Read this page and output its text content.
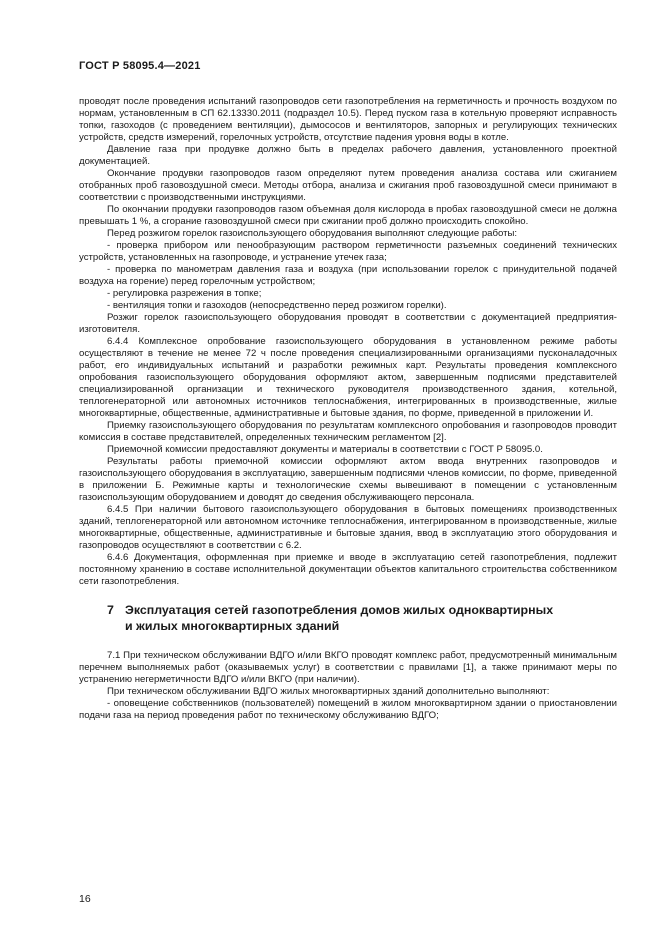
ГОСТ Р 58095.4—2021

проводят после проведения испытаний газопроводов сети газопотребления на герметичность и прочность воздухом по нормам, установленным в СП 62.13330.2011 (подраздел 10.5). Перед пуском газа в котельную проверяют исправность топки, газоходов (с проведением вентиляции), дымососов и вентиляторов, запорных и регулирующих технических устройств, средств измерений, горелочных устройств, отсутствие падения уровня воды в котле.

Давление газа при продувке должно быть в пределах рабочего давления, установленного проектной документацией.

Окончание продувки газопроводов газом определяют путем проведения анализа состава или сжиганием отобранных проб газовоздушной смеси. Методы отбора, анализа и сжигания проб газовоздушной смеси принимают в соответствии с производственными инструкциями.

По окончании продувки газопроводов газом объемная доля кислорода в пробах газовоздушной смеси не должна превышать 1 %, а сгорание газовоздушной смеси при сжигании проб должно происходить спокойно.

Перед розжигом горелок газоиспользующего оборудования выполняют следующие работы:

- проверка прибором или пенообразующим раствором герметичности разъемных соединений технических устройств, установленных на газопроводе, и устранение утечек газа;

- проверка по манометрам давления газа и воздуха (при использовании горелок с принудительной подачей воздуха на горение) перед горелочным устройством;

- регулировка разрежения в топке;

- вентиляция топки и газоходов (непосредственно перед розжигом горелки).

Розжиг горелок газоиспользующего оборудования проводят в соответствии с документацией предприятия-изготовителя.

6.4.4 Комплексное опробование газоиспользующего оборудования в установленном режиме работы осуществляют в течение не менее 72 ч после проведения специализированными организациями пусконаладочных работ, его индивидуальных испытаний и разработки режимных карт. Результаты проведения комплексного опробования газоиспользующего оборудования оформляют актом, завершенным подписями представителей специализированной организации и технического руководителя производственного здания, котельной, теплогенераторной или автономных источников теплоснабжения, интегрированных в производственные, жилые многоквартирные, общественные, административные и бытовые здания, по форме, приведенной в приложении И.

Приемку газоиспользующего оборудования по результатам комплексного опробования и газопроводов проводит комиссия в составе представителей, определенных техническим регламентом [2].

Приемочной комиссии предоставляют документы и материалы в соответствии с ГОСТ Р 58095.0.

Результаты работы приемочной комиссии оформляют актом ввода внутренних газопроводов и газоиспользующего оборудования в эксплуатацию, завершенным подписями членов комиссии, по форме, приведенной в приложении Б. Режимные карты и технологические схемы вывешивают в помещении с установленным газоиспользующим оборудованием и доводят до сведения обслуживающего персонала.

6.4.5 При наличии бытового газоиспользующего оборудования в бытовых помещениях производственных зданий, теплогенераторной или автономном источнике теплоснабжения, интегрированном в производственные, жилые многоквартирные, общественные, административные и бытовые здания, ввод в эксплуатацию этого оборудования и газопроводов осуществляют в соответствии с 6.2.

6.4.6 Документация, оформленная при приемке и вводе в эксплуатацию сетей газопотребления, подлежит постоянному хранению в составе исполнительной документации объектов капитального строительства собственником сети газопотребления.

7 Эксплуатация сетей газопотребления домов жилых одноквартирных
и жилых многоквартирных зданий

7.1 При техническом обслуживании ВДГО и/или ВКГО проводят комплекс работ, предусмотренный минимальным перечнем выполняемых работ (оказываемых услуг) в соответствии с правилами [1], а также принимают меры по устранению негерметичности ВДГО и/или ВКГО (при наличии).

При техническом обслуживании ВДГО жилых многоквартирных зданий дополнительно выполняют:

- оповещение собственников (пользователей) помещений в жилом многоквартирном здании о приостановлении подачи газа на период проведения работ по техническому обслуживанию ВДГО;

16
